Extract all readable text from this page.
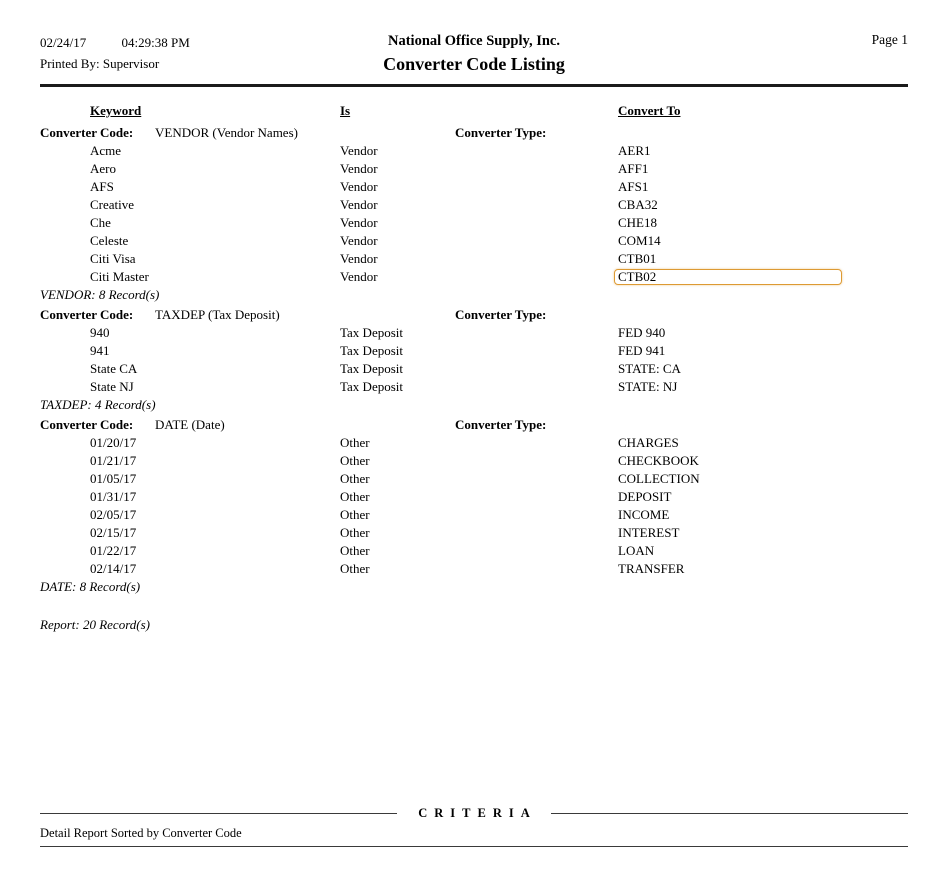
02/24/17	04:29:38 PM
Printed By: Supervisor
National Office Supply, Inc.
Converter Code Listing
Page 1
Keyword	Is	Convert To
Converter Code:	VENDOR (Vendor Names)	Converter Type:
Acme	Vendor	AER1
Aero	Vendor	AFF1
AFS	Vendor	AFS1
Creative	Vendor	CBA32
Che	Vendor	CHE18
Celeste	Vendor	COM14
Citi Visa	Vendor	CTB01
Citi Master	Vendor	CTB02
VENDOR: 8 Record(s)
Converter Code:	TAXDEP (Tax Deposit)	Converter Type:
940	Tax Deposit	FED 940
941	Tax Deposit	FED 941
State CA	Tax Deposit	STATE: CA
State NJ	Tax Deposit	STATE: NJ
TAXDEP: 4 Record(s)
Converter Code:	DATE (Date)	Converter Type:
01/20/17	Other	CHARGES
01/21/17	Other	CHECKBOOK
01/05/17	Other	COLLECTION
01/31/17	Other	DEPOSIT
02/05/17	Other	INCOME
02/15/17	Other	INTEREST
01/22/17	Other	LOAN
02/14/17	Other	TRANSFER
DATE: 8 Record(s)
Report: 20 Record(s)
CRITERIA
Detail Report Sorted by Converter Code
